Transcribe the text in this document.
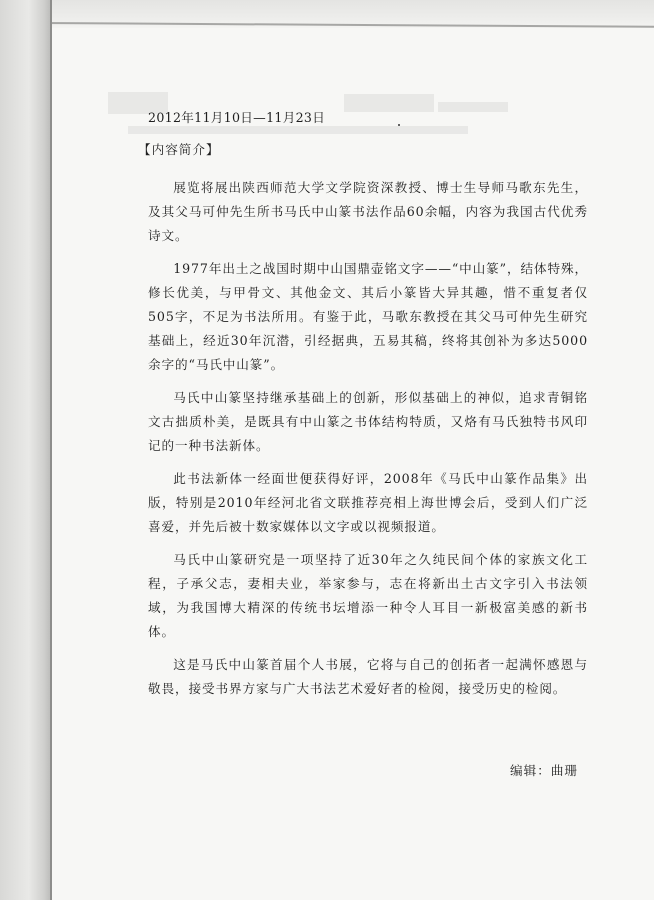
2012年11月10日—11月23日
【内容简介】

展览将展出陕西师范大学文学院资深教授、博士生导师马歌东先生，及其父马可仲先生所书马氏中山篆书法作品60余幅，内容为我国古代优秀诗文。

1977年出土之战国时期中山国鼎壶铭文字——“中山篆”，结体特殊，修长优美，与甲骨文、其他金文、其后小篆皆大异其趣，惜不重复者仅505字，不足为书法所用。有鉴于此，马歌东教授在其父马可仲先生研究基础上，经近30年沉潜，引经据典，五易其稿，终将其创补为多达5000余字的“马氏中山篆”。

马氏中山篆坚持继承基础上的创新，形似基础上的神似，追求青铜铭文古拙质朴美，是既具有中山篆之书体结构特质，又烙有马氏独特书风印记的一种书法新体。

此书法新体一经面世便获得好评，2008年《马氏中山篆作品集》出版，特别是2010年经河北省文联推荐亮相上海世博会后，受到人们广泛喜爱，并先后被十数家媒体以文字或以视频报道。

马氏中山篆研究是一项坚持了近30年之久纯民间个体的家族文化工程，子承父志，妻相夫业，举家参与，志在将新出土古文字引入书法领域，为我国博大精深的传统书坛增添一种令人耳目一新极富美感的新书体。

这是马氏中山篆首届个人书展，它将与自己的创拓者一起满怀感恩与敬畏，接受书界方家与广大书法艺术爱好者的检阅，接受历史的检阅。

编辑：曲珊
